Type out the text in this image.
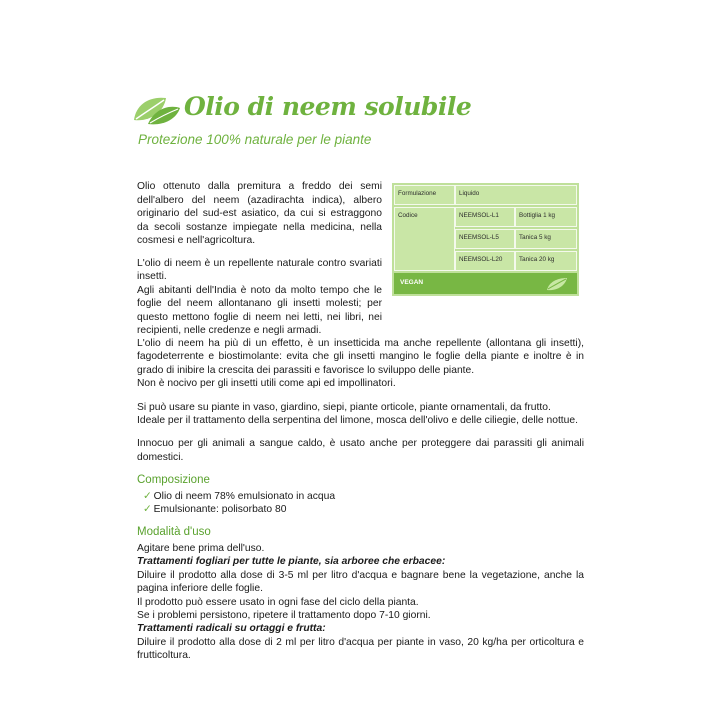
Olio di neem solubile
Protezione 100% naturale per le piante

Olio ottenuto dalla premitura a freddo dei semi dell'albero del neem (azadirachta indica), albero originario del sud-est asiatico, da cui si estraggono da secoli sostanze impiegate nella medicina, nella cosmesi e nell'agricoltura.

L'olio di neem è un repellente naturale contro svariati insetti.
Agli abitanti dell'India è noto da molto tempo che le foglie del neem allontanano gli insetti molesti; per questo mettono foglie di neem nei letti, nei libri, nei recipienti, nelle credenze e negli armadi.
Formulazione	Liquido
Codice	NEEMSOL-L1	Bottiglia 1 kg
NEEMSOL-L5	Tanica 5 kg
NEEMSOL-L20	Tanica 20 kg
VEGAN
L'olio di neem ha più di un effetto, è un insetticida ma anche repellente (allontana gli insetti), fagodeterrente e biostimolante: evita che gli insetti mangino le foglie della piante e inoltre è in grado di inibire la crescita dei parassiti e favorisce lo sviluppo delle piante.
Non è nocivo per gli insetti utili come api ed impollinatori.
Si può usare su piante in vaso, giardino, siepi, piante orticole, piante ornamentali, da frutto.
Ideale per il trattamento della serpentina del limone, mosca dell'olivo e delle ciliegie, delle nottue.
Innocuo per gli animali a sangue caldo, è usato anche per proteggere dai parassiti gli animali domestici.
Composizione
✓ Olio di neem 78% emulsionato in acqua
✓ Emulsionante: polisorbato 80
Modalità d'uso
Agitare bene prima dell'uso.
Trattamenti fogliari per tutte le piante, sia arboree che erbacee:
Diluire il prodotto alla dose di 3-5 ml per litro d'acqua e bagnare bene la vegetazione, anche la pagina inferiore delle foglie.
Il prodotto può essere usato in ogni fase del ciclo della pianta.
Se i problemi persistono, ripetere il trattamento dopo 7-10 giorni.
Trattamenti radicali su ortaggi e frutta:
Diluire il prodotto alla dose di 2 ml per litro d'acqua per piante in vaso, 20 kg/ha per orticoltura e frutticoltura.
